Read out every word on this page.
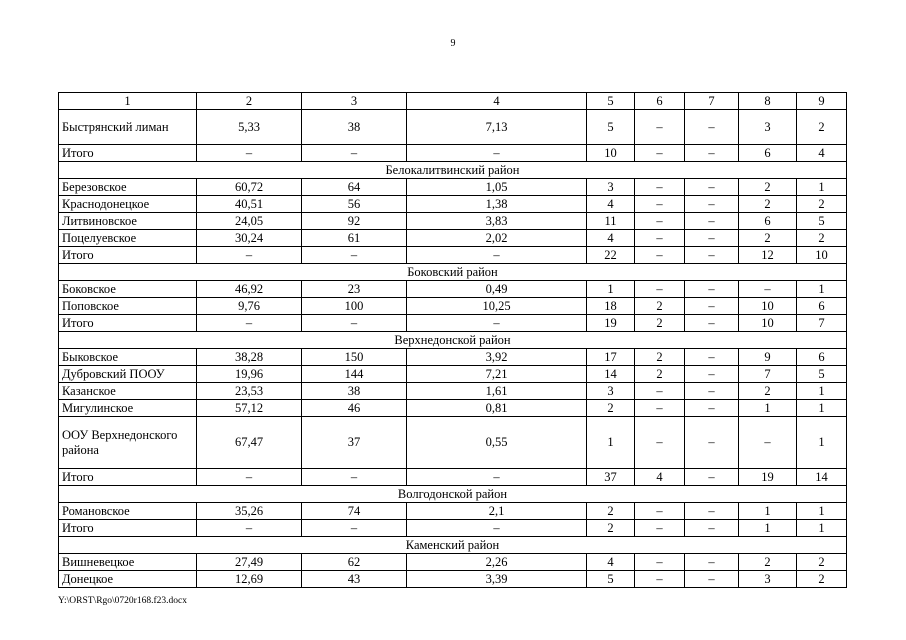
9
1	2	3	4	5	6	7	8	9
Быстрянский лиман	5,33	38	7,13	5	–	–	3	2
Итого	–	–	–	10	–	–	6	4
Белокалитвинский район								
Березовское	60,72	64	1,05	3	–	–	2	1
Краснодонецкое	40,51	56	1,38	4	–	–	2	2
Литвиновское	24,05	92	3,83	11	–	–	6	5
Поцелуевское	30,24	61	2,02	4	–	–	2	2
Итого	–	–	–	22	–	–	12	10
Боковский район								
Боковское	46,92	23	0,49	1	–	–	–	1
Поповское	9,76	100	10,25	18	2	–	10	6
Итого	–	–	–	19	2	–	10	7
Верхнедонской район								
Быковское	38,28	150	3,92	17	2	–	9	6
Дубровский ПООУ	19,96	144	7,21	14	2	–	7	5
Казанское	23,53	38	1,61	3	–	–	2	1
Мигулинское	57,12	46	0,81	2	–	–	1	1
ООУ Верхнедонского района	67,47	37	0,55	1	–	–	–	1
Итого	–	–	–	37	4	–	19	14
Волгодонской район								
Романовское	35,26	74	2,1	2	–	–	1	1
Итого	–	–	–	2	–	–	1	1
Каменский район								
Вишневецкое	27,49	62	2,26	4	–	–	2	2
Донецкое	12,69	43	3,39	5	–	–	3	2
Y:\ORST\Rgo\0720r168.f23.docx
